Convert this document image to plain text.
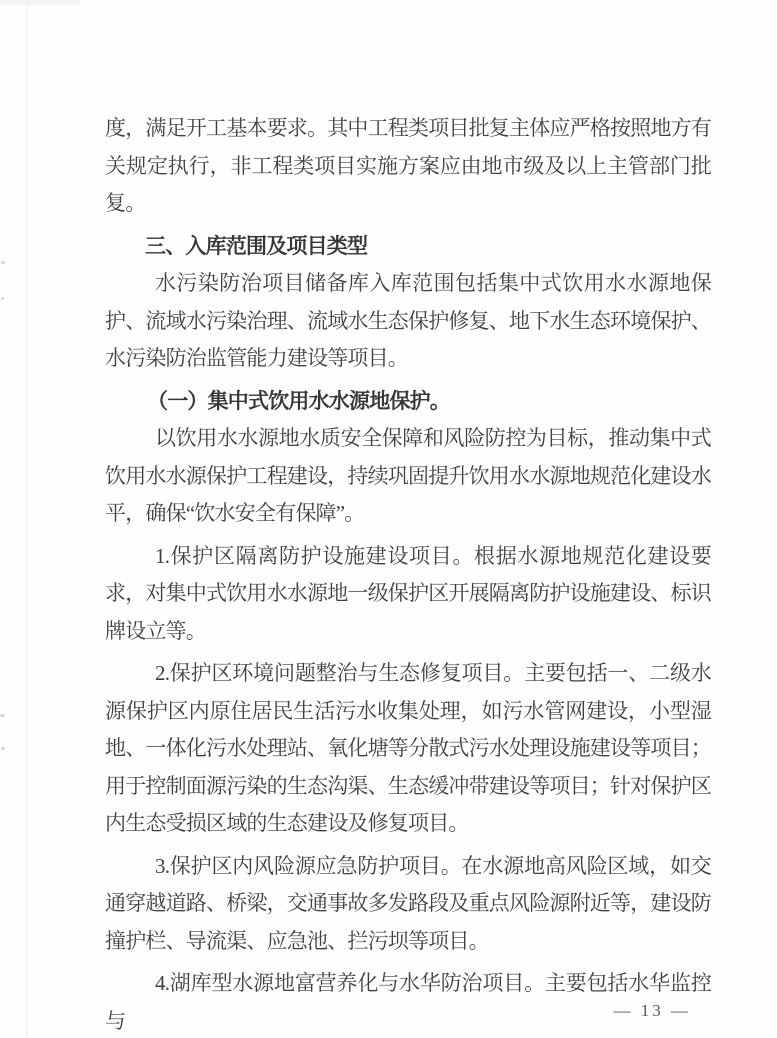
度，满足开工基本要求。其中工程类项目批复主体应严格按照地方有关规定执行，非工程类项目实施方案应由地市级及以上主管部门批复。
三、入库范围及项目类型
水污染防治项目储备库入库范围包括集中式饮用水水源地保护、流域水污染治理、流域水生态保护修复、地下水生态环境保护、水污染防治监管能力建设等项目。
（一）集中式饮用水水源地保护。
以饮用水水源地水质安全保障和风险防控为目标，推动集中式饮用水水源保护工程建设，持续巩固提升饮用水水源地规范化建设水平，确保“饮水安全有保障”。
1.保护区隔离防护设施建设项目。根据水源地规范化建设要求，对集中式饮用水水源地一级保护区开展隔离防护设施建设、标识牌设立等。
2.保护区环境问题整治与生态修复项目。主要包括一、二级水源保护区内原住居民生活污水收集处理，如污水管网建设，小型湿地、一体化污水处理站、氧化塘等分散式污水处理设施建设等项目；用于控制面源污染的生态沟渠、生态缓冲带建设等项目；针对保护区内生态受损区域的生态建设及修复项目。
3.保护区内风险源应急防护项目。在水源地高风险区域，如交通穿越道路、桥梁，交通事故多发路段及重点风险源附近等，建设防撞护栏、导流渠、应急池、拦污坝等项目。
4.湖库型水源地富营养化与水华防治项目。主要包括水华监控与	— 13 —
